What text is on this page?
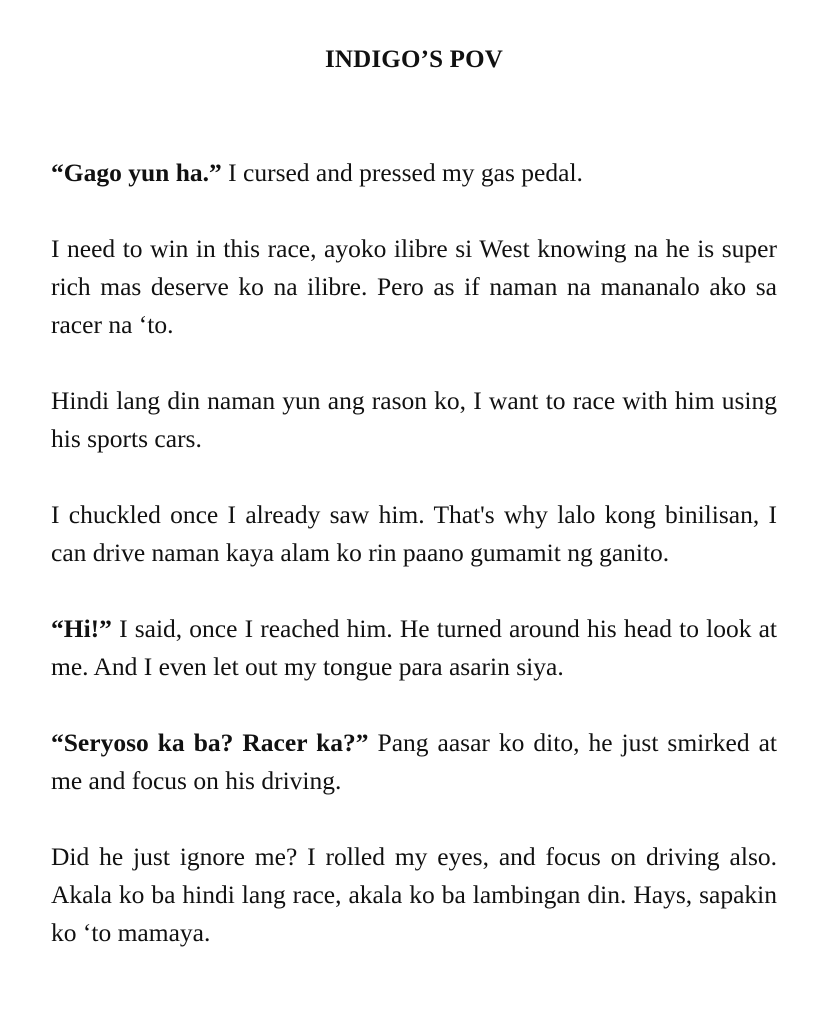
INDIGO’S POV

“Gago yun ha.” I cursed and pressed my gas pedal.

I need to win in this race, ayoko ilibre si West knowing na he is super rich mas deserve ko na ilibre. Pero as if naman na mananalo ako sa racer na ‘to.

Hindi lang din naman yun ang rason ko, I want to race with him using his sports cars.

I chuckled once I already saw him. That's why lalo kong binilisan, I can drive naman kaya alam ko rin paano gumamit ng ganito.

“Hi!” I said, once I reached him. He turned around his head to look at me. And I even let out my tongue para asarin siya.

“Seryoso ka ba? Racer ka?” Pang aasar ko dito, he just smirked at me and focus on his driving.

Did he just ignore me? I rolled my eyes, and focus on driving also. Akala ko ba hindi lang race, akala ko ba lambingan din. Hays, sapakin ko ‘to mamaya.
